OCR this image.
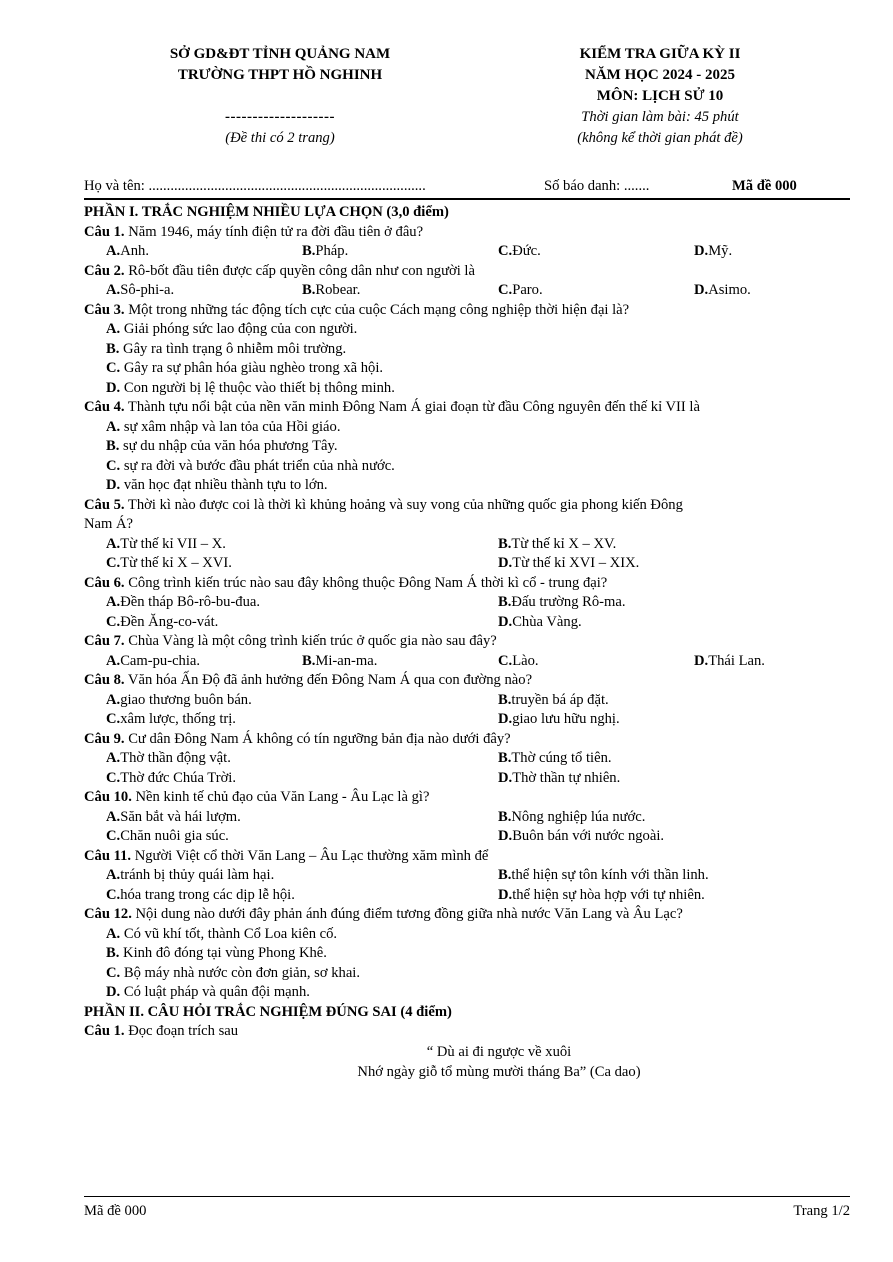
SỞ GD&ĐT TỈNH QUẢNG NAM
TRƯỜNG THPT HỒ NGHINH
--------------------
(Đề thi có 2 trang)
KIỂM TRA GIỮA KỲ II
NĂM HỌC 2024 - 2025
MÔN: LỊCH SỬ 10
Thời gian làm bài: 45 phút
(không kể thời gian phát đề)
Họ và tên: ............................................................................	Số báo danh: .......	Mã đề 000
PHẦN I. TRẮC NGHIỆM NHIỀU LỰA CHỌN (3,0 điểm)
Câu 1. Năm 1946, máy tính điện tử ra đời đầu tiên ở đâu?
A. Anh.	B. Pháp.	C. Đức.	D. Mỹ.
Câu 2. Rô-bốt đầu tiên được cấp quyền công dân như con người là
A. Sô-phi-a.	B. Robear.	C. Paro.	D. Asimo.
Câu 3. Một trong những tác động tích cực của cuộc Cách mạng công nghiệp thời hiện đại là?
A. Giải phóng sức lao động của con người.
B. Gây ra tình trạng ô nhiễm môi trường.
C. Gây ra sự phân hóa giàu nghèo trong xã hội.
D. Con người bị lệ thuộc vào thiết bị thông minh.
Câu 4. Thành tựu nổi bật của nền văn minh Đông Nam Á giai đoạn từ đầu Công nguyên đến thế kỉ VII là
A. sự xâm nhập và lan tỏa của Hồi giáo.
B. sự du nhập của văn hóa phương Tây.
C. sự ra đời và bước đầu phát triển của nhà nước.
D. văn học đạt nhiều thành tựu to lớn.
Câu 5. Thời kì nào được coi là thời kì khủng hoảng và suy vong của những quốc gia phong kiến Đông
Nam Á?
A. Từ thế kỉ VII – X.	B. Từ thế kỉ X – XV.
C. Từ thế kỉ X – XVI.	D. Từ thế kỉ XVI – XIX.
Câu 6. Công trình kiến trúc nào sau đây không thuộc Đông Nam Á thời kì cổ - trung đại?
A. Đền tháp Bô-rô-bu-đua.	B. Đấu trường Rô-ma.
C. Đền Ăng-co-vát.	D. Chùa Vàng.
Câu 7. Chùa Vàng là một công trình kiến trúc ở quốc gia nào sau đây?
A. Cam-pu-chia.	B. Mi-an-ma.	C. Lào.	D. Thái Lan.
Câu 8. Văn hóa Ấn Độ đã ảnh hưởng đến Đông Nam Á qua con đường nào?
A. giao thương buôn bán.	B. truyền bá áp đặt.
C. xâm lược, thống trị.	D. giao lưu hữu nghị.
Câu 9. Cư dân Đông Nam Á không có tín ngưỡng bản địa nào dưới đây?
A. Thờ thần động vật.	B. Thờ cúng tổ tiên.
C. Thờ đức Chúa Trời.	D. Thờ thần tự nhiên.
Câu 10. Nền kinh tế chủ đạo của Văn Lang - Âu Lạc là gì?
A. Săn bắt và hái lượm.	B. Nông nghiệp lúa nước.
C. Chăn nuôi gia súc.	D. Buôn bán với nước ngoài.
Câu 11. Người Việt cổ thời Văn Lang – Âu Lạc thường xăm mình để
A. tránh bị thủy quái làm hại.	B. thể hiện sự tôn kính với thần linh.
C. hóa trang trong các dịp lễ hội.	D. thể hiện sự hòa hợp với tự nhiên.
Câu 12. Nội dung nào dưới đây phản ánh đúng điểm tương đồng giữa nhà nước Văn Lang và Âu Lạc?
A. Có vũ khí tốt, thành Cổ Loa kiên cố.
B. Kinh đô đóng tại vùng Phong Khê.
C. Bộ máy nhà nước còn đơn giản, sơ khai.
D. Có luật pháp và quân đội mạnh.
PHẦN II. CÂU HỎI TRẮC NGHIỆM ĐÚNG SAI (4 điểm)
Câu 1. Đọc đoạn trích sau
“ Dù ai đi ngược về xuôi
Nhớ ngày giỗ tổ mùng mười tháng Ba” (Ca dao)
Mã đề 000	Trang 1/2
